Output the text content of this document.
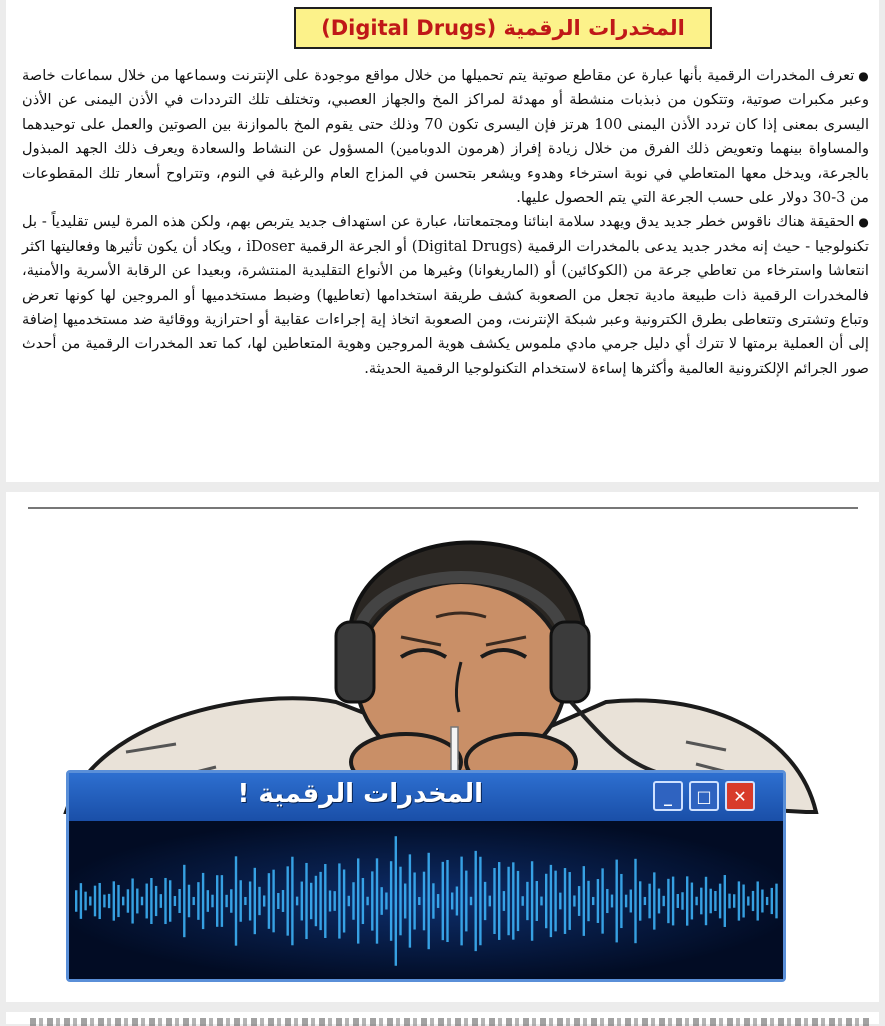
المخدرات الرقمية (Digital Drugs)

●تعرف المخدرات الرقمية بأنها عبارة عن مقاطع صوتية يتم تحميلها من خلال مواقع موجودة على الإنترنت وسماعها من خلال سماعات خاصة وعبر مكبرات صوتية، وتتكون من ذبذبات منشطة أو مهدئة لمراكز المخ والجهاز العصبي، وتختلف تلك الترددات في الأذن اليمنى عن الأذن اليسرى بمعنى إذا كان تردد الأذن اليمنى 100 هرتز فإن اليسرى تكون 70 وذلك حتى يقوم المخ بالموازنة بين الصوتين والعمل على توحيدهما والمساواة بينهما وتعويض ذلك الفرق من خلال زيادة إفراز (هرمون الدوبامين) المسؤول عن النشاط والسعادة ويعرف ذلك الجهد المبذول بالجرعة، ويدخل معها المتعاطي في نوبة استرخاء وهدوء ويشعر بتحسن في المزاج العام والرغبة في النوم، وتتراوح أسعار تلك المقطوعات من 3-30 دولار على حسب الجرعة التي يتم الحصول عليها.

●الحقيقة هناك ناقوس خطر جديد يدق ويهدد سلامة ابنائنا ومجتمعاتنا، عبارة عن استهداف جديد يتربص بهم، ولكن هذه المرة ليس تقليدياً - بل تكنولوجيا - حيث إنه مخدر جديد يدعى بالمخدرات الرقمية (Digital Drugs) أو الجرعة الرقمية iDoser ، ويكاد أن يكون تأثيرها وفعاليتها اكثر انتعاشا واسترخاء من تعاطي جرعة من (الكوكائين) أو (الماريغوانا) وغيرها من الأنواع التقليدية المنتشرة، وبعيدا عن الرقابة الأسرية والأمنية، فالمخدرات الرقمية ذات طبيعة مادية تجعل من الصعوبة كشف طريقة استخدامها (تعاطيها) وضبط مستخدميها أو المروجين لها كونها تعرض وتباع وتشترى وتتعاطى بطرق الكترونية وعبر شبكة الإنترنت، ومن الصعوبة اتخاذ إية إجراءات عقابية أو احترازية ووقائية ضد مستخدميها إضافة إلى أن العملية برمتها لا تترك أي دليل جرمي مادي ملموس يكشف هوية المروجين وهوية المتعاطين لها، كما تعد المخدرات الرقمية من أحدث صور الجرائم الإلكترونية العالمية وأكثرها إساءة لاستخدام التكنولوجيا الرقمية الحديثة.

المخدرات الرقمية !	_ □ ✕
